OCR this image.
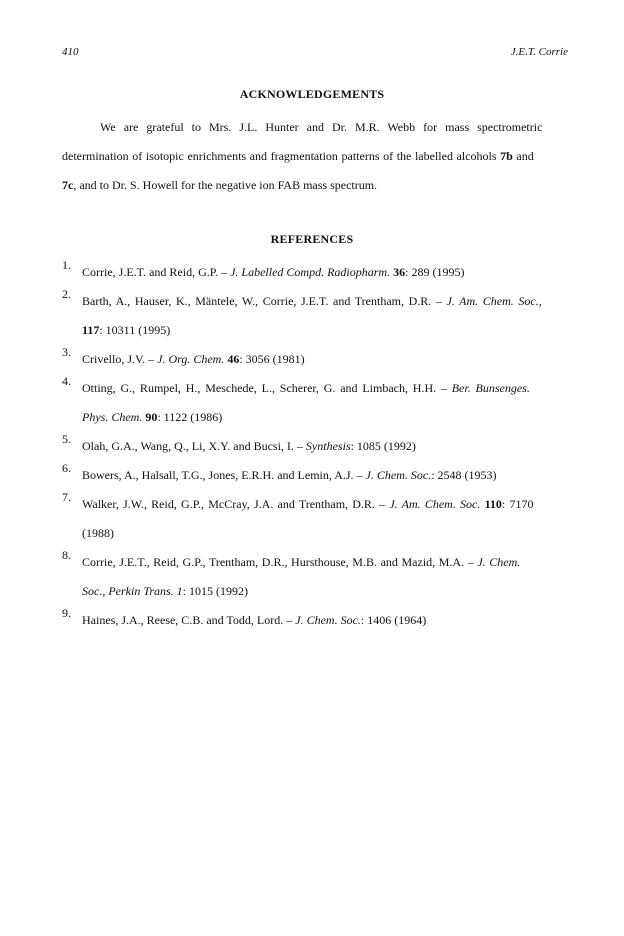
410	J.E.T. Corrie
ACKNOWLEDGEMENTS
We are grateful to Mrs. J.L. Hunter and Dr. M.R. Webb for mass spectrometric
determination of isotopic enrichments and fragmentation patterns of the labelled alcohols 7b and
7c, and to Dr. S. Howell for the negative ion FAB mass spectrum.
REFERENCES
1. Corrie, J.E.T. and Reid, G.P. – J. Labelled Compd. Radiopharm. 36: 289 (1995)
2. Barth, A., Hauser, K., Mäntele, W., Corrie, J.E.T. and Trentham, D.R. – J. Am. Chem. Soc.,
117: 10311 (1995)
3. Crivello, J.V. – J. Org. Chem. 46: 3056 (1981)
4. Otting, G., Rumpel, H., Meschede, L., Scherer, G. and Limbach, H.H. – Ber. Bunsenges.
Phys. Chem. 90: 1122 (1986)
5. Olah, G.A., Wang, Q., Li, X.Y. and Bucsi, I. – Synthesis: 1085 (1992)
6. Bowers, A., Halsall, T.G., Jones, E.R.H. and Lemin, A.J. – J. Chem. Soc.: 2548 (1953)
7. Walker, J.W., Reid, G.P., McCray, J.A. and Trentham, D.R. – J. Am. Chem. Soc. 110: 7170
(1988)
8. Corrie, J.E.T., Reid, G.P., Trentham, D.R., Hursthouse, M.B. and Mazid, M.A. – J. Chem.
Soc., Perkin Trans. 1: 1015 (1992)
9. Haines, J.A., Reese, C.B. and Todd, Lord. – J. Chem. Soc.: 1406 (1964)
